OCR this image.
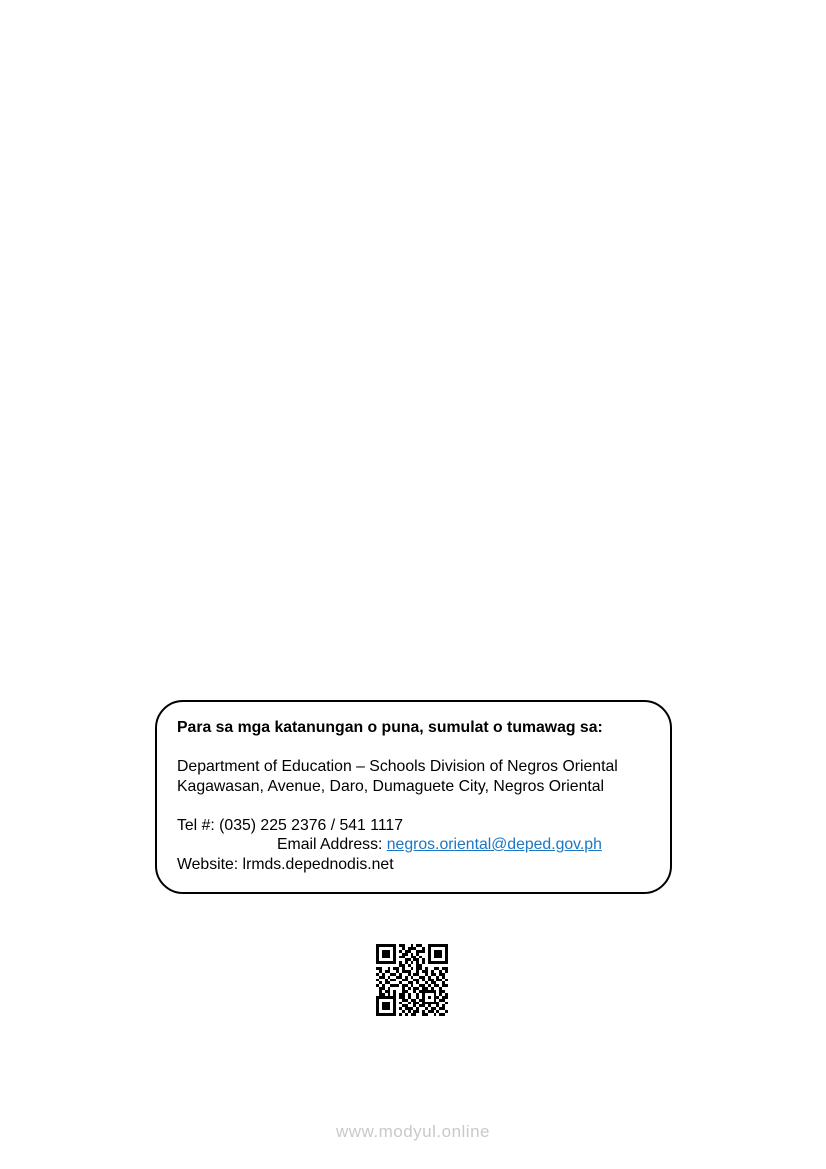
Para sa mga katanungan o puna, sumulat o tumawag sa:

Department of Education – Schools Division of Negros Oriental

Kagawasan, Avenue, Daro, Dumaguete City, Negros Oriental

Tel #: (035) 225 2376 / 541 1117

Email Address: negros.oriental@deped.gov.ph

Website: lrmds.depednodis.net

www.modyul.online
